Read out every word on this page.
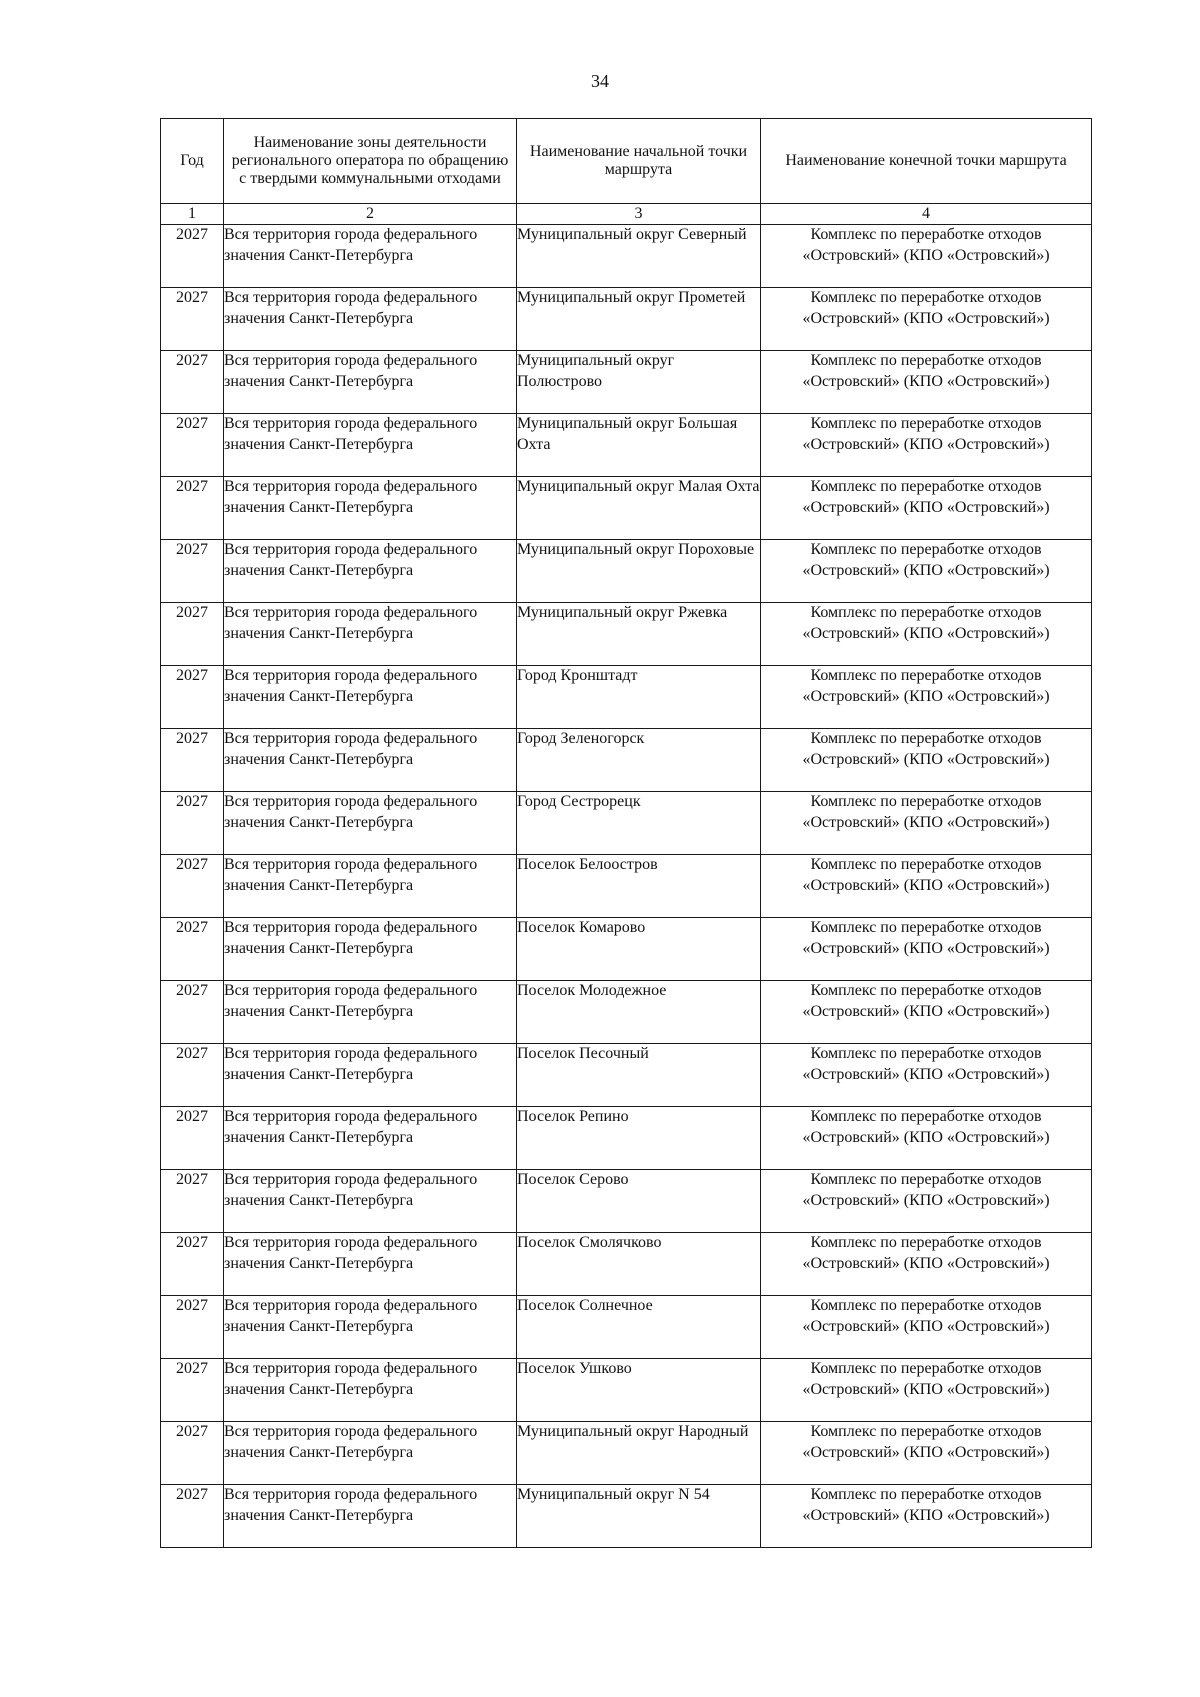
34
Год	Наименование зоны деятельности регионального оператора по обращению с твердыми коммунальными отходами	Наименование начальной точки маршрута	Наименование конечной точки маршрута
1	2	3	4
2027	Вся территория города федерального значения Санкт-Петербурга	Муниципальный округ Северный	Комплекс по переработке отходов «Островский» (КПО «Островский»)
2027	Вся территория города федерального значения Санкт-Петербурга	Муниципальный округ Прометей	Комплекс по переработке отходов «Островский» (КПО «Островский»)
2027	Вся территория города федерального значения Санкт-Петербурга	Муниципальный округ Полюстрово	Комплекс по переработке отходов «Островский» (КПО «Островский»)
2027	Вся территория города федерального значения Санкт-Петербурга	Муниципальный округ Большая Охта	Комплекс по переработке отходов «Островский» (КПО «Островский»)
2027	Вся территория города федерального значения Санкт-Петербурга	Муниципальный округ Малая Охта	Комплекс по переработке отходов «Островский» (КПО «Островский»)
2027	Вся территория города федерального значения Санкт-Петербурга	Муниципальный округ Пороховые	Комплекс по переработке отходов «Островский» (КПО «Островский»)
2027	Вся территория города федерального значения Санкт-Петербурга	Муниципальный округ Ржевка	Комплекс по переработке отходов «Островский» (КПО «Островский»)
2027	Вся территория города федерального значения Санкт-Петербурга	Город Кронштадт	Комплекс по переработке отходов «Островский» (КПО «Островский»)
2027	Вся территория города федерального значения Санкт-Петербурга	Город Зеленогорск	Комплекс по переработке отходов «Островский» (КПО «Островский»)
2027	Вся территория города федерального значения Санкт-Петербурга	Город Сестрорецк	Комплекс по переработке отходов «Островский» (КПО «Островский»)
2027	Вся территория города федерального значения Санкт-Петербурга	Поселок Белоостров	Комплекс по переработке отходов «Островский» (КПО «Островский»)
2027	Вся территория города федерального значения Санкт-Петербурга	Поселок Комарово	Комплекс по переработке отходов «Островский» (КПО «Островский»)
2027	Вся территория города федерального значения Санкт-Петербурга	Поселок Молодежное	Комплекс по переработке отходов «Островский» (КПО «Островский»)
2027	Вся территория города федерального значения Санкт-Петербурга	Поселок Песочный	Комплекс по переработке отходов «Островский» (КПО «Островский»)
2027	Вся территория города федерального значения Санкт-Петербурга	Поселок Репино	Комплекс по переработке отходов «Островский» (КПО «Островский»)
2027	Вся территория города федерального значения Санкт-Петербурга	Поселок Серово	Комплекс по переработке отходов «Островский» (КПО «Островский»)
2027	Вся территория города федерального значения Санкт-Петербурга	Поселок Смолячково	Комплекс по переработке отходов «Островский» (КПО «Островский»)
2027	Вся территория города федерального значения Санкт-Петербурга	Поселок Солнечное	Комплекс по переработке отходов «Островский» (КПО «Островский»)
2027	Вся территория города федерального значения Санкт-Петербурга	Поселок Ушково	Комплекс по переработке отходов «Островский» (КПО «Островский»)
2027	Вся территория города федерального значения Санкт-Петербурга	Муниципальный округ Народный	Комплекс по переработке отходов «Островский» (КПО «Островский»)
2027	Вся территория города федерального значения Санкт-Петербурга	Муниципальный округ N 54	Комплекс по переработке отходов «Островский» (КПО «Островский»)
